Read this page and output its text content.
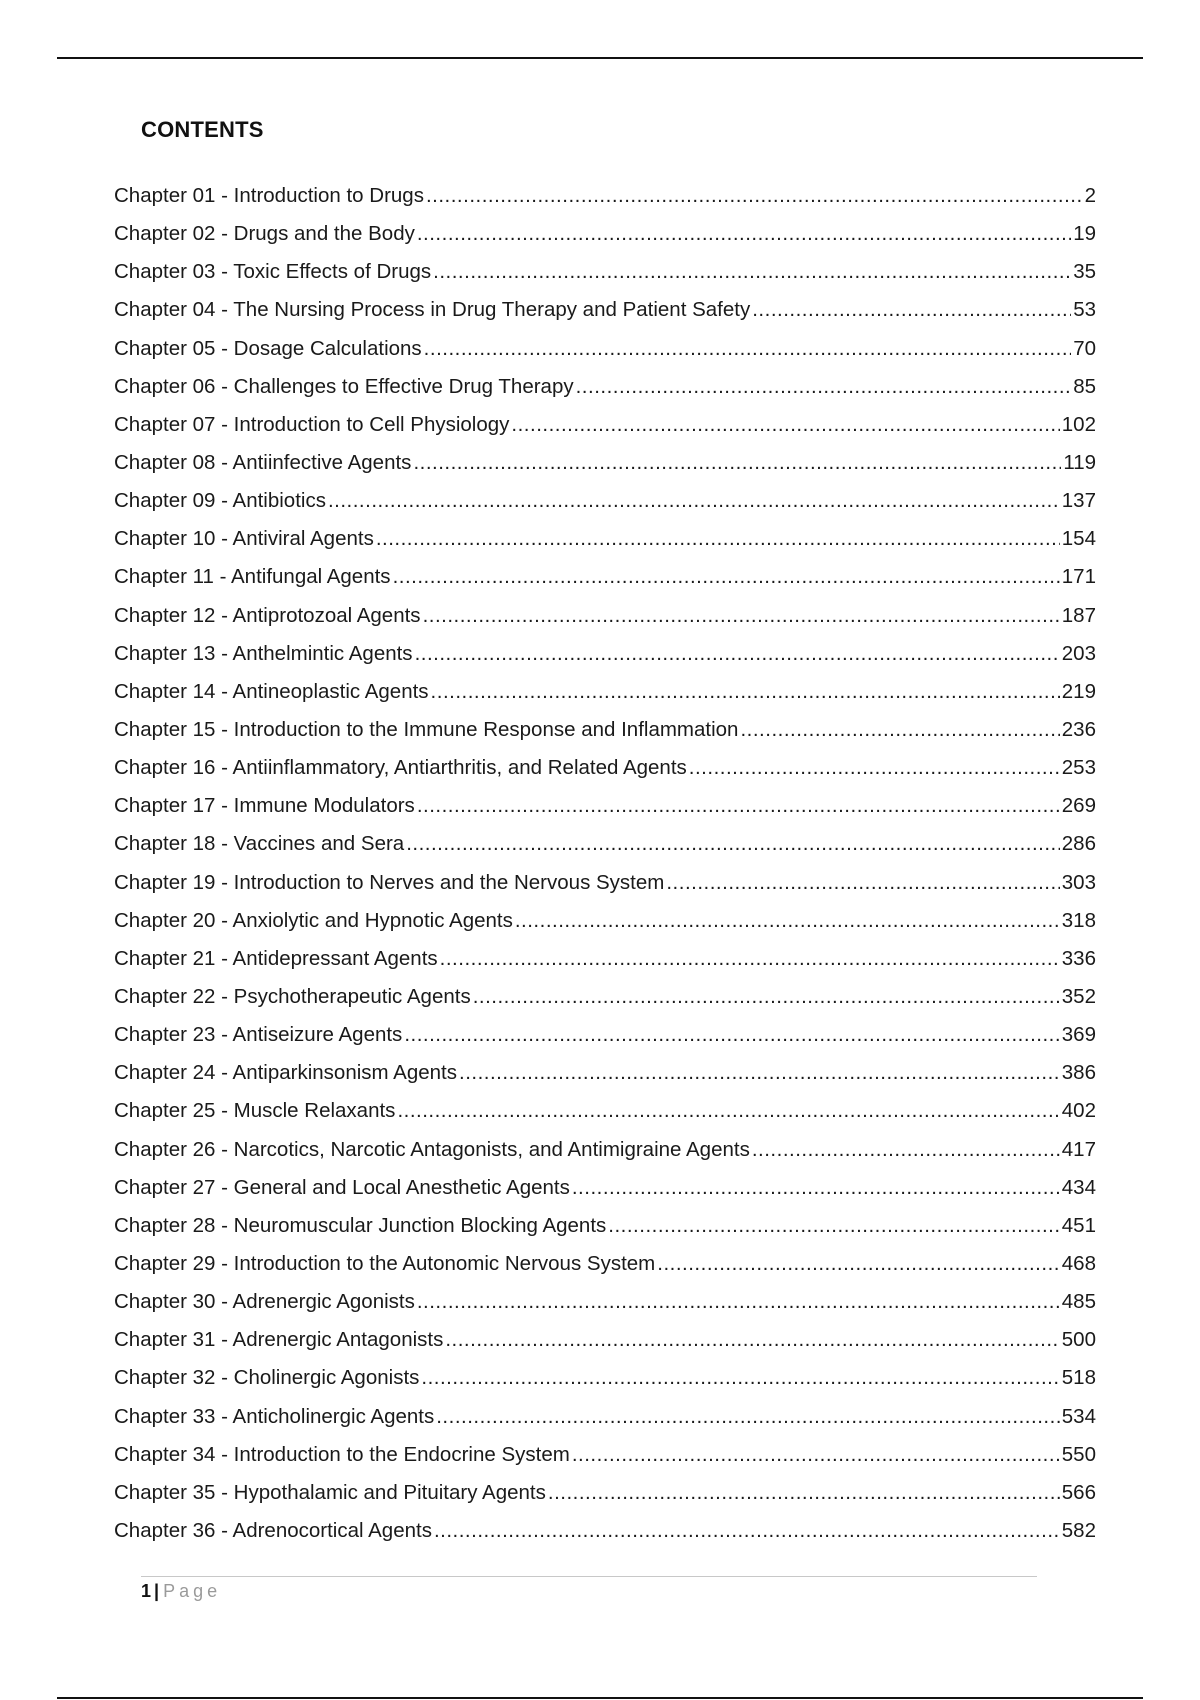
CONTENTS
Chapter 01 - Introduction to Drugs .....	2
Chapter 02 - Drugs and the Body .....	19
Chapter 03 - Toxic Effects of Drugs .....	35
Chapter 04 - The Nursing Process in Drug Therapy and Patient Safety .....	53
Chapter 05 - Dosage Calculations .....	70
Chapter 06 - Challenges to Effective Drug Therapy .....	85
Chapter 07 - Introduction to Cell Physiology .....	102
Chapter 08 - Antiinfective Agents .....	119
Chapter 09 - Antibiotics .....	137
Chapter 10 - Antiviral Agents .....	154
Chapter 11 - Antifungal Agents .....	171
Chapter 12 - Antiprotozoal Agents .....	187
Chapter 13 - Anthelmintic Agents .....	203
Chapter 14 - Antineoplastic Agents .....	219
Chapter 15 - Introduction to the Immune Response and Inflammation .....	236
Chapter 16 - Antiinflammatory, Antiarthritis, and Related Agents .....	253
Chapter 17 - Immune Modulators .....	269
Chapter 18 - Vaccines and Sera .....	286
Chapter 19 - Introduction to Nerves and the Nervous System .....	303
Chapter 20 - Anxiolytic and Hypnotic Agents .....	318
Chapter 21 - Antidepressant Agents .....	336
Chapter 22 - Psychotherapeutic Agents .....	352
Chapter 23 - Antiseizure Agents .....	369
Chapter 24 - Antiparkinsonism Agents .....	386
Chapter 25 - Muscle Relaxants .....	402
Chapter 26 - Narcotics, Narcotic Antagonists, and Antimigraine Agents .....	417
Chapter 27 - General and Local Anesthetic Agents .....	434
Chapter 28 - Neuromuscular Junction Blocking Agents .....	451
Chapter 29 - Introduction to the Autonomic Nervous System .....	468
Chapter 30 - Adrenergic Agonists .....	485
Chapter 31 - Adrenergic Antagonists .....	500
Chapter 32 - Cholinergic Agonists .....	518
Chapter 33 - Anticholinergic Agents .....	534
Chapter 34 - Introduction to the Endocrine System .....	550
Chapter 35 - Hypothalamic and Pituitary Agents .....	566
Chapter 36 - Adrenocortical Agents .....	582
1 | Page
